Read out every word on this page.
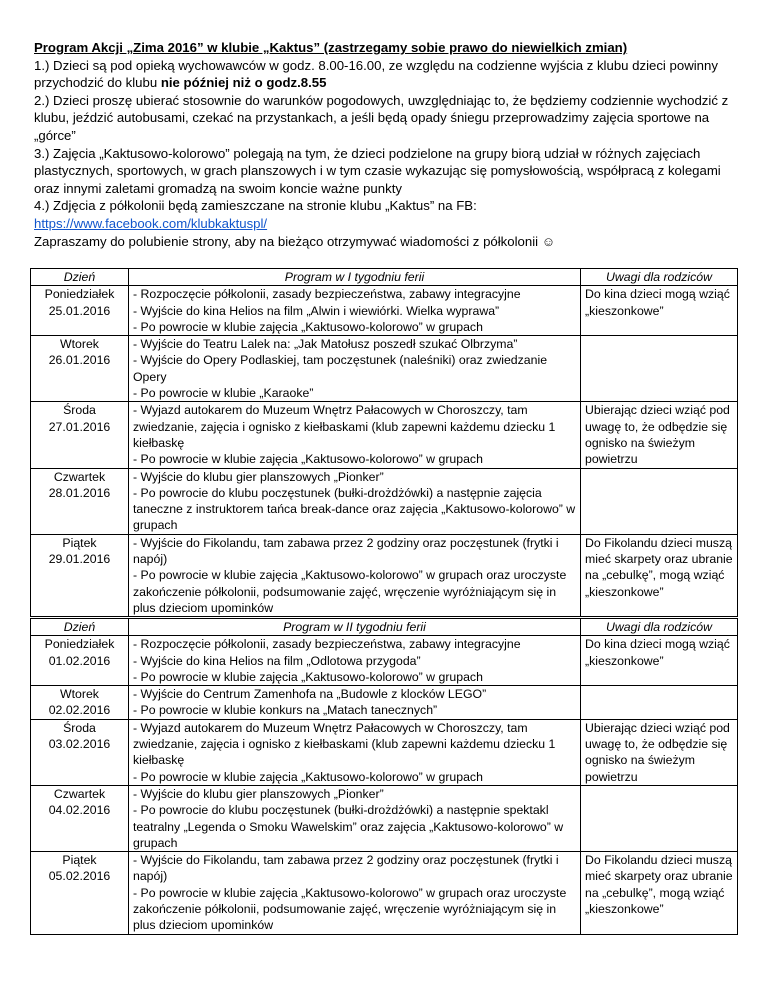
Program Akcji „Zima 2016” w klubie „Kaktus” (zastrzegamy sobie prawo do niewielkich zmian)

1.) Dzieci są pod opieką wychowawców w godz. 8.00-16.00, ze względu na codzienne wyjścia z klubu dzieci powinny przychodzić do klubu nie później niż o godz.8.55

2.) Dzieci proszę ubierać stosownie do warunków pogodowych, uwzględniając to, że będziemy codziennie wychodzić z klubu, jeździć autobusami, czekać na przystankach, a jeśli będą opady śniegu przeprowadzimy zajęcia sportowe na „górce”

3.) Zajęcia „Kaktusowo-kolorowo” polegają na tym, że dzieci podzielone na grupy biorą udział w różnych zajęciach plastycznych, sportowych, w grach planszowych i w tym czasie wykazując się pomysłowością, współpracą z kolegami oraz innymi zaletami gromadzą na swoim koncie ważne punkty

4.) Zdjęcia z półkolonii będą zamieszczane na stronie klubu „Kaktus” na FB:

https://www.facebook.com/klubkaktuspl/

Zapraszamy do polubienie strony, aby na bieżąco otrzymywać wiadomości z półkolonii ☺

Dzień	Program w I tygodniu ferii	Uwagi dla rodziców

Poniedziałek
25.01.2016	- Rozpoczęcie półkolonii, zasady bezpieczeństwa, zabawy integracyjne
- Wyjście do kina Helios na film „Alwin i wiewiórki. Wielka wyprawa”
- Po powrocie w klubie zajęcia „Kaktusowo-kolorowo” w grupach	Do kina dzieci mogą wziąć „kieszonkowe”

Wtorek
26.01.2016	- Wyjście do Teatru Lalek na: „Jak Matołusz poszedł szukać Olbrzyma”
- Wyjście do Opery Podlaskiej, tam poczęstunek (naleśniki) oraz zwiedzanie Opery
- Po powrocie w klubie „Karaoke”	

Środa
27.01.2016	- Wyjazd autokarem do Muzeum Wnętrz Pałacowych w Choroszczy, tam zwiedzanie, zajęcia i ognisko z kiełbaskami (klub zapewni każdemu dziecku 1 kiełbaskę
- Po powrocie w klubie zajęcia „Kaktusowo-kolorowo” w grupach	Ubierając dzieci wziąć pod uwagę to, że odbędzie się ognisko na świeżym powietrzu

Czwartek
28.01.2016	- Wyjście do klubu gier planszowych „Pionker”
- Po powrocie do klubu poczęstunek (bułki-drożdżówki) a następnie zajęcia taneczne z instruktorem tańca break-dance oraz zajęcia „Kaktusowo-kolorowo” w grupach	

Piątek
29.01.2016	- Wyjście do Fikolandu, tam zabawa przez 2 godziny oraz poczęstunek (frytki i napój)
- Po powrocie w klubie zajęcia „Kaktusowo-kolorowo” w grupach oraz uroczyste zakończenie półkolonii, podsumowanie zajęć, wręczenie wyróżniającym się in plus dzieciom upominków	Do Fikolandu dzieci muszą mieć skarpety oraz ubranie na „cebulkę”, mogą wziąć „kieszonkowe”
Dzień	Program w II tygodniu ferii	Uwagi dla rodziców

Poniedziałek
01.02.2016	- Rozpoczęcie półkolonii, zasady bezpieczeństwa, zabawy integracyjne
- Wyjście do kina Helios na film „Odlotowa przygoda”
- Po powrocie w klubie zajęcia „Kaktusowo-kolorowo” w grupach	Do kina dzieci mogą wziąć „kieszonkowe”

Wtorek
02.02.2016	- Wyjście do Centrum Zamenhofa na „Budowle z klocków LEGO”
- Po powrocie w klubie konkurs na „Matach tanecznych”	

Środa
03.02.2016	- Wyjazd autokarem do Muzeum Wnętrz Pałacowych w Choroszczy, tam zwiedzanie, zajęcia i ognisko z kiełbaskami (klub zapewni każdemu dziecku 1 kiełbaskę
- Po powrocie w klubie zajęcia „Kaktusowo-kolorowo” w grupach	Ubierając dzieci wziąć pod uwagę to, że odbędzie się ognisko na świeżym powietrzu

Czwartek
04.02.2016	- Wyjście do klubu gier planszowych „Pionker”
- Po powrocie do klubu poczęstunek (bułki-drożdżówki) a następnie spektakl teatralny „Legenda o Smoku Wawelskim” oraz zajęcia „Kaktusowo-kolorowo” w grupach	

Piątek
05.02.2016	- Wyjście do Fikolandu, tam zabawa przez 2 godziny oraz poczęstunek (frytki i napój)
- Po powrocie w klubie zajęcia „Kaktusowo-kolorowo” w grupach oraz uroczyste zakończenie półkolonii, podsumowanie zajęć, wręczenie wyróżniającym się in plus dzieciom upominków	Do Fikolandu dzieci muszą mieć skarpety oraz ubranie na „cebulkę”, mogą wziąć „kieszonkowe”
